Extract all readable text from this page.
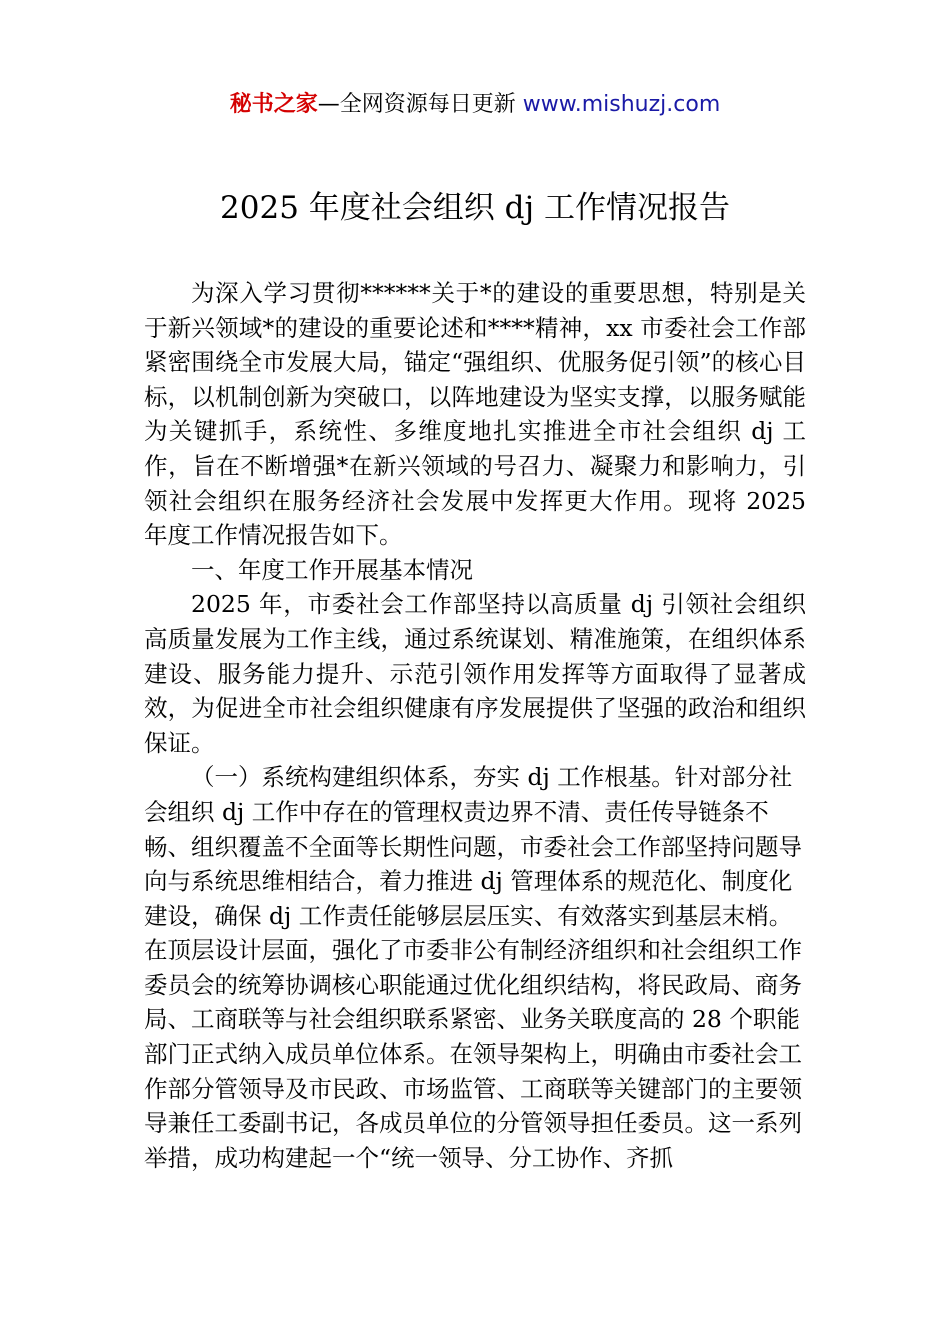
秘书之家—全网资源每日更新 www.mishuzj.com
2025 年度社会组织 dj 工作情况报告

为深入学习贯彻******关于*的建设的重要思想，特别是关于新兴领域*的建设的重要论述和****精神，xx 市委社会工作部紧密围绕全市发展大局，锚定“强组织、优服务促引领”的核心目标，以机制创新为突破口，以阵地建设为坚实支撑，以服务赋能为关键抓手，系统性、多维度地扎实推进全市社会组织 dj 工作，旨在不断增强*在新兴领域的号召力、凝聚力和影响力，引领社会组织在服务经济社会发展中发挥更大作用。现将 2025 年度工作情况报告如下。

一、年度工作开展基本情况

2025 年，市委社会工作部坚持以高质量 dj 引领社会组织高质量发展为工作主线，通过系统谋划、精准施策，在组织体系建设、服务能力提升、示范引领作用发挥等方面取得了显著成效，为促进全市社会组织健康有序发展提供了坚强的政治和组织保证。

（一）系统构建组织体系，夯实 dj 工作根基。针对部分社会组织 dj 工作中存在的管理权责边界不清、责任传导链条不畅、组织覆盖不全面等长期性问题，市委社会工作部坚持问题导向与系统思维相结合，着力推进 dj 管理体系的规范化、制度化建设，确保 dj 工作责任能够层层压实、有效落实到基层末梢。在顶层设计层面，强化了市委非公有制经济组织和社会组织工作委员会的统筹协调核心职能通过优化组织结构，将民政局、商务局、工商联等与社会组织联系紧密、业务关联度高的 28 个职能部门正式纳入成员单位体系。在领导架构上，明确由市委社会工作部分管领导及市民政、市场监管、工商联等关键部门的主要领导兼任工委副书记，各成员单位的分管领导担任委员。这一系列举措，成功构建起一个“统一领导、分工协作、齐抓
